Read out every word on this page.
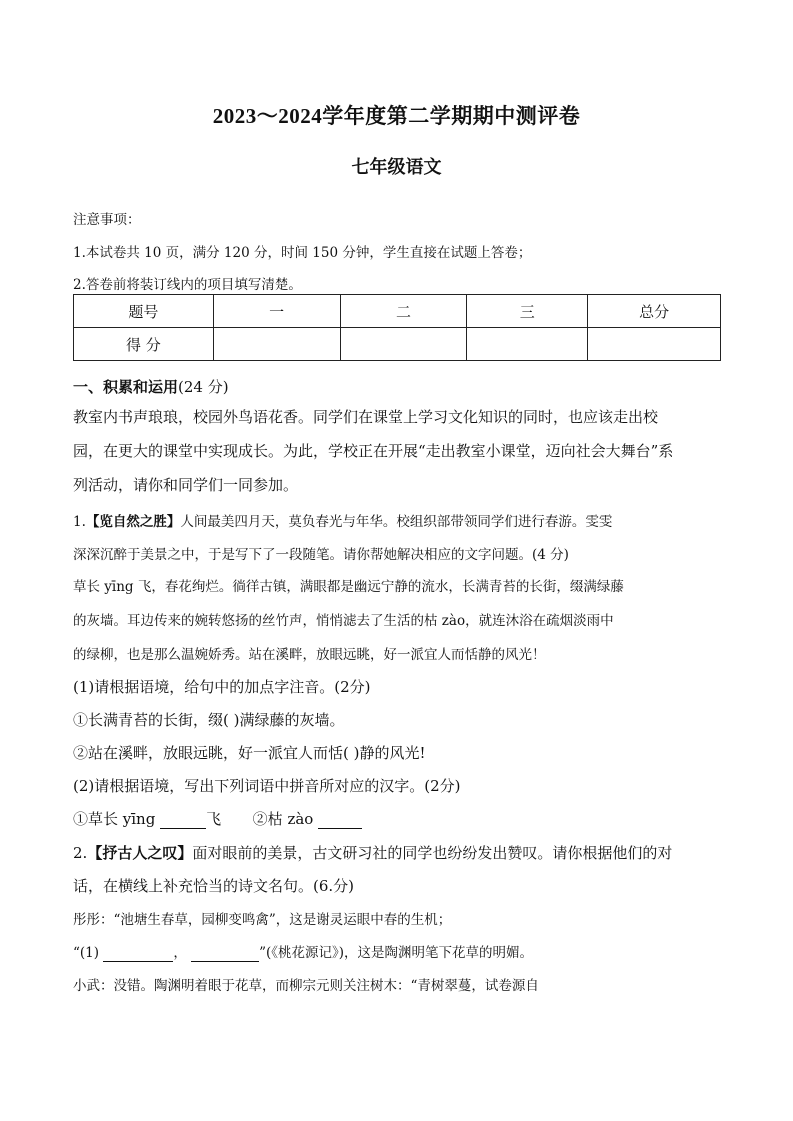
2023～2024学年度第二学期期中测评卷
七年级语文
注意事项：
1.本试卷共 10 页，满分 120 分，时间 150 分钟，学生直接在试题上答卷；
2.答卷前将装订线内的项目填写清楚。
题号	一	二	三	总分
得 分				
一、积累和运用(24 分)
教室内书声琅琅，校园外鸟语花香。同学们在课堂上学习文化知识的同时，也应该走出校
园，在更大的课堂中实现成长。为此，学校正在开展“走出教室小课堂，迈向社会大舞台”系
列活动，请你和同学们一同参加。
1.【览自然之胜】人间最美四月天，莫负春光与年华。校组织部带领同学们进行春游。雯雯
深深沉醉于美景之中，于是写下了一段随笔。请你帮她解决相应的文字问题。(4 分)
草长 yīng 飞，春花绚烂。徜徉古镇，满眼都是幽远宁静的流水，长满青苔的长街，缀满绿藤
的灰墙。耳边传来的婉转悠扬的丝竹声，悄悄滤去了生活的枯 zào，就连沐浴在疏烟淡雨中
的绿柳，也是那么温婉娇秀。站在溪畔，放眼远眺，好一派宜人而恬静的风光！
(1)请根据语境，给句中的加点字注音。(2分)
①长满青苔的长街，缀( )满绿藤的灰墙。
②站在溪畔，放眼远眺，好一派宜人而恬( )静的风光!
(2)请根据语境，写出下列词语中拼音所对应的汉字。(2分)
①草长 yīng	飞 ②枯 zào
2.【抒古人之叹】面对眼前的美景，古文研习社的同学也纷纷发出赞叹。请你根据他们的对
话，在横线上补充恰当的诗文名句。(6.分)
彤彤：“池塘生春草，园柳变鸣禽”，这是谢灵运眼中春的生机；
“(1)	，	”(《桃花源记》)，这是陶渊明笔下花草的明媚。
小武：没错。陶渊明着眼于花草，而柳宗元则关注树木：“青树翠蔓，试卷源自
